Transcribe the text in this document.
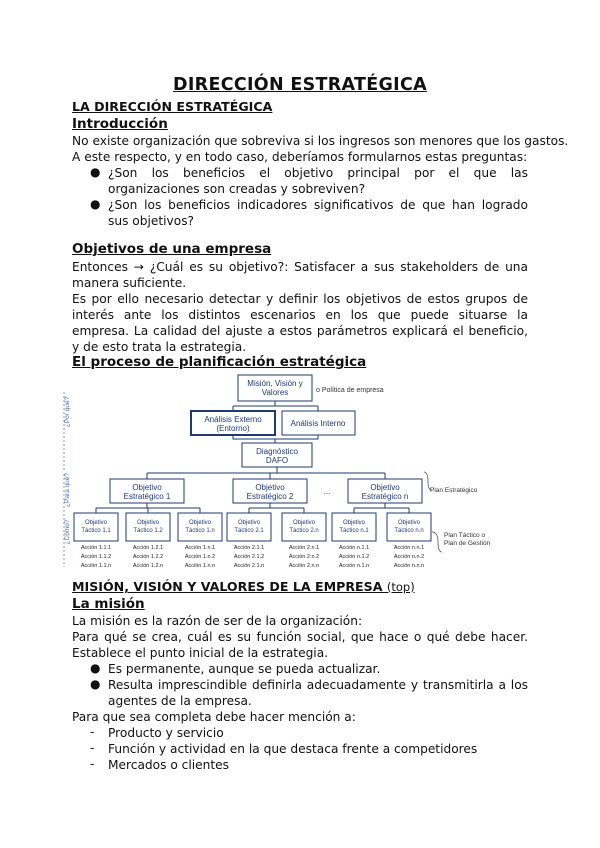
DIRECCIÓN ESTRATÉGICA
LA DIRECCIÓN ESTRATÉGICA
Introducción
No existe organización que sobreviva si los ingresos son menores que los gastos.
A este respecto, y en todo caso, deberíamos formularnos estas preguntas:
● ¿Son los beneficios el objetivo principal por el que las organizaciones son creadas y sobreviven?
● ¿Son los beneficios indicadores significativos de que han logrado sus objetivos?
Objetivos de una empresa
Entonces → ¿Cuál es su objetivo?: Satisfacer a sus stakeholders de una manera suficiente.
Es por ello necesario detectar y definir los objetivos de estos grupos de interés ante los distintos escenarios en los que puede situarse la empresa. La calidad del ajuste a estos parámetros explicará el beneficio, y de esto trata la estrategia.
El proceso de planificación estratégica
Misión, Visión y
Valores	o Política de empresa
Análisis Externo
(Entorno)
Análisis Interno
Diagnóstico
DAFO
Objetivo
Estratégico 1
Objetivo
Estratégico 2
Objetivo
Estratégico n
...	Plan Estratégico
Plan Táctico o
Plan de Gestión
¿Por qué?
¿Para qué?
¿Cómo? Objetivo
Táctico 1.1
Objetivo
Táctico 1.2
Objetivo
Táctico 1.n
Objetivo
Táctico 2.1
Objetivo
Táctico 2.n
Objetivo
Táctico n.1
Objetivo
Táctico n.n
Acción 1.1.1
Acción 1.1.2
Acción 1.1.n
Acción 1.2.1
Acción 1.2.2
Acción 1.2.n
Acción 1.n.1
Acción 1.n.2
Acción 1.n.n
Acción 2.1.1
Acción 2.1.2
Acción 2.1.n
Acción 2.n.1
Acción 2.n.2
Acción 2.n.n
Acción n.1.1
Acción n.1.2
Acción n.1.n
Acción n.n.1
Acción n.n.2
Acción n.n.n
MISIÓN, VISIÓN Y VALORES DE LA EMPRESA (top)
La misión
La misión es la razón de ser de la organización:
Para qué se crea, cuál es su función social, que hace o qué debe hacer. Establece el punto inicial de la estrategia.
● Es permanente, aunque se pueda actualizar.
● Resulta imprescindible definirla adecuadamente y transmitirla a los agentes de la empresa.
Para que sea completa debe hacer mención a:
- Producto y servicio
- Función y actividad en la que destaca frente a competidores
- Mercados o clientes
